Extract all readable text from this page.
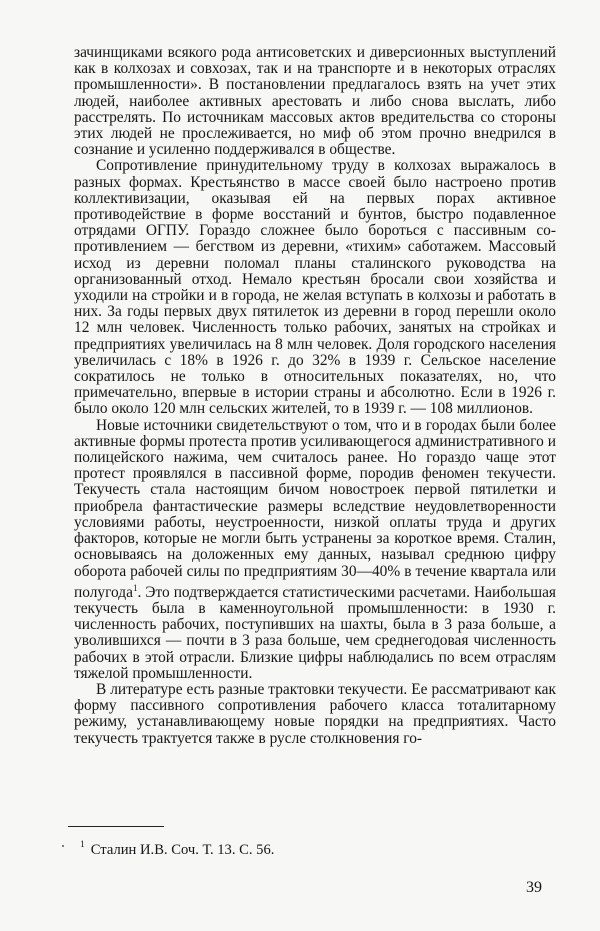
зачинщиками всякого рода антисоветских и диверсионных выступлений как в колхозах и совхозах, так и на транспорте и в некоторых отраслях промышленности». В постановлении предлагалось взять на учет этих людей, наиболее активных арестовать и либо снова выслать, либо расстрелять. По источникам массовых актов вредительства со стороны этих людей не прослеживается, но миф об этом прочно внедрился в сознание и усиленно поддерживался в обществе.

Сопротивление принудительному труду в колхозах выражалось в разных формах. Крестьянство в массе своей было настроено против коллективизации, оказывая ей на первых порах активное противодействие в форме восстаний и бунтов, быстро подавленное отрядами ОГПУ. Гораздо сложнее было бороться с пассивным сопротивлением — бегством из деревни, «тихим» саботажем. Массовый исход из деревни поломал планы сталинского руководства на организованный отход. Немало крестьян бросали свои хозяйства и уходили на стройки и в города, не желая вступать в колхозы и работать в них. За годы первых двух пятилеток из деревни в город перешли около 12 млн человек. Численность только рабочих, занятых на стройках и предприятиях увеличилась на 8 млн человек. Доля городского населения увеличилась с 18% в 1926 г. до 32% в 1939 г. Сельское население сократилось не только в относительных показателях, но, что примечательно, впервые в истории страны и абсолютно. Если в 1926 г. было около 120 млн сельских жителей, то в 1939 г. — 108 миллионов.

Новые источники свидетельствуют о том, что и в городах были более активные формы протеста против усиливающегося административного и полицейского нажима, чем считалось ранее. Но гораздо чаще этот протест проявлялся в пассивной форме, породив феномен текучести. Текучесть стала настоящим бичом новостроек первой пятилетки и приобрела фантастические размеры вследствие неудовлетворенности условиями работы, неустроенности, низкой оплаты труда и других факторов, которые не могли быть устранены за короткое время. Сталин, основываясь на доложенных ему данных, называл среднюю цифру оборота рабочей силы по предприятиям 30—40% в течение квартала или полугода$^1$. Это подтверждается статистическими расчетами. Наибольшая текучесть была в каменноугольной промышленности: в 1930 г. численность рабочих, поступивших на шахты, была в 3 раза больше, а уволившихся — почти в 3 раза больше, чем среднегодовая численность рабочих в этой отрасли. Близкие цифры наблюдались по всем отраслям тяжелой промышленности.

В литературе есть разные трактовки текучести. Ее рассматривают как форму пассивного сопротивления рабочего класса тоталитарному режиму, устанавливающему новые порядки на предприятиях. Часто текучесть трактуется также в русле столкновения го-

$^1$ Сталин И.В. Соч. Т. 13. С. 56.
39
